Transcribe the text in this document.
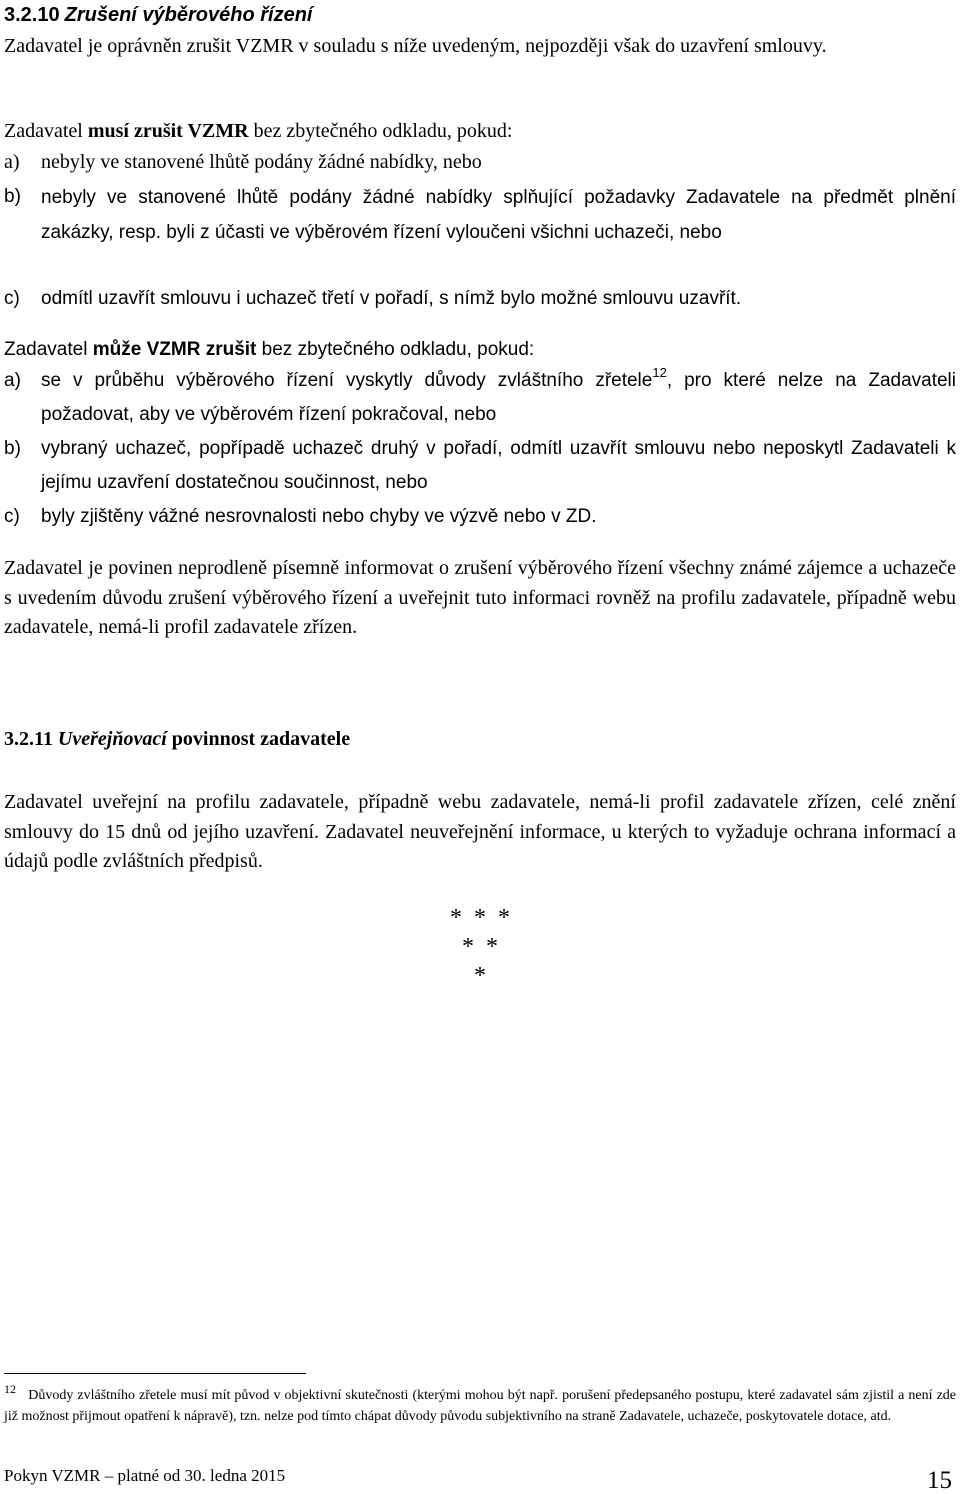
3.2.10 Zrušení výběrového řízení

Zadavatel je oprávněn zrušit VZMR v souladu s níže uvedeným, nejpozději však do uzavření smlouvy.

Zadavatel musí zrušit VZMR bez zbytečného odkladu, pokud:

a) nebyly ve stanovené lhůtě podány žádné nabídky, nebo
b) nebyly ve stanovené lhůtě podány žádné nabídky splňující požadavky Zadavatele na předmět plnění zakázky, resp. byli z účasti ve výběrovém řízení vyloučeni všichni uchazeči, nebo
c) odmítl uzavřít smlouvu i uchazeč třetí v pořadí, s nímž bylo možné smlouvu uzavřít.

Zadavatel může VZMR zrušit bez zbytečného odkladu, pokud:

a) se v průběhu výběrového řízení vyskytly důvody zvláštního zřetele$^{12}$, pro které nelze na Zadavateli požadovat, aby ve výběrovém řízení pokračoval, nebo
b) vybraný uchazeč, popřípadě uchazeč druhý v pořadí, odmítl uzavřít smlouvu nebo neposkytl Zadavateli k jejímu uzavření dostatečnou součinnost, nebo
c) byly zjištěny vážné nesrovnalosti nebo chyby ve výzvě nebo v ZD.

Zadavatel je povinen neprodleně písemně informovat o zrušení výběrového řízení všechny známé zájemce a uchazeče s uvedením důvodu zrušení výběrového řízení a uveřejnit tuto informaci rovněž na profilu zadavatele, případně webu zadavatele, nemá-li profil zadavatele zřízen.

3.2.11 Uveřejňovací povinnost zadavatele

Zadavatel uveřejní na profilu zadavatele, případně webu zadavatele, nemá-li profil zadavatele zřízen, celé znění smlouvy do 15 dnů od jejího uzavření. Zadavatel neuveřejnění informace, u kterých to vyžaduje ochrana informací a údajů podle zvláštních předpisů.

*  *  *
*  *
*

$^{12}$ Důvody zvláštního zřetele musí mít původ v objektivní skutečnosti (kterými mohou být např. porušení předepsaného postupu, které zadavatel sám zjistil a není zde již možnost přijmout opatření k nápravě), tzn. nelze pod tímto chápat důvody původu subjektivního na straně Zadavatele, uchazeče, poskytovatele dotace, atd.

Pokyn VZMR – platné od 30. ledna 2015	15
